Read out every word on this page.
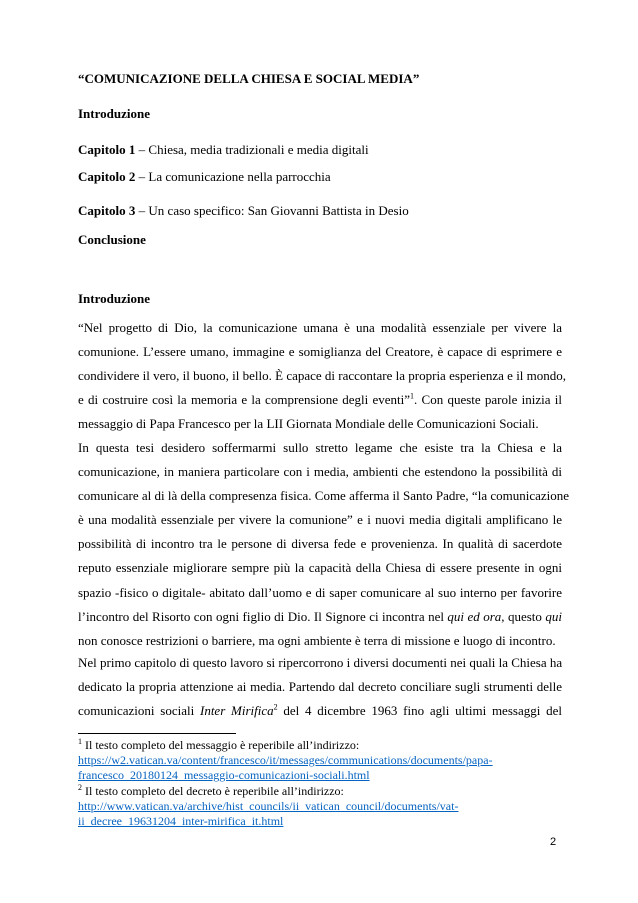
“COMUNICAZIONE DELLA CHIESA E SOCIAL MEDIA”
Introduzione
Capitolo 1 – Chiesa, media tradizionali e media digitali
Capitolo 2 – La comunicazione nella parrocchia
Capitolo 3 – Un caso specifico: San Giovanni Battista in Desio
Conclusione
Introduzione
“Nel progetto di Dio, la comunicazione umana è una modalità essenziale per vivere la
comunione. L’essere umano, immagine e somiglianza del Creatore, è capace di esprimere e
condividere il vero, il buono, il bello. È capace di raccontare la propria esperienza e il mondo,
e di costruire così la memoria e la comprensione degli eventi”$^1$. Con queste parole inizia il
messaggio di Papa Francesco per la LII Giornata Mondiale delle Comunicazioni Sociali.
In questa tesi desidero soffermarmi sullo stretto legame che esiste tra la Chiesa e la
comunicazione, in maniera particolare con i media, ambienti che estendono la possibilità di
comunicare al di là della compresenza fisica. Come afferma il Santo Padre, “la comunicazione
è una modalità essenziale per vivere la comunione” e i nuovi media digitali amplificano le
possibilità di incontro tra le persone di diversa fede e provenienza. In qualità di sacerdote
reputo essenziale migliorare sempre più la capacità della Chiesa di essere presente in ogni
spazio -fisico o digitale- abitato dall’uomo e di saper comunicare al suo interno per favorire
l’incontro del Risorto con ogni figlio di Dio. Il Signore ci incontra nel qui ed ora, questo qui
non conosce restrizioni o barriere, ma ogni ambiente è terra di missione e luogo di incontro.
Nel primo capitolo di questo lavoro si ripercorrono i diversi documenti nei quali la Chiesa ha
dedicato la propria attenzione ai media. Partendo dal decreto conciliare sugli strumenti delle
comunicazioni sociali Inter Mirifica$^2$ del 4 dicembre 1963 fino agli ultimi messaggi del
$^1$ Il testo completo del messaggio è reperibile all’indirizzo:
https://w2.vatican.va/content/francesco/it/messages/communications/documents/papa-
francesco_20180124_messaggio-comunicazioni-sociali.html
$^2$ Il testo completo del decreto è reperibile all’indirizzo:
http://www.vatican.va/archive/hist_councils/ii_vatican_council/documents/vat-
ii_decree_19631204_inter-mirifica_it.html
2
